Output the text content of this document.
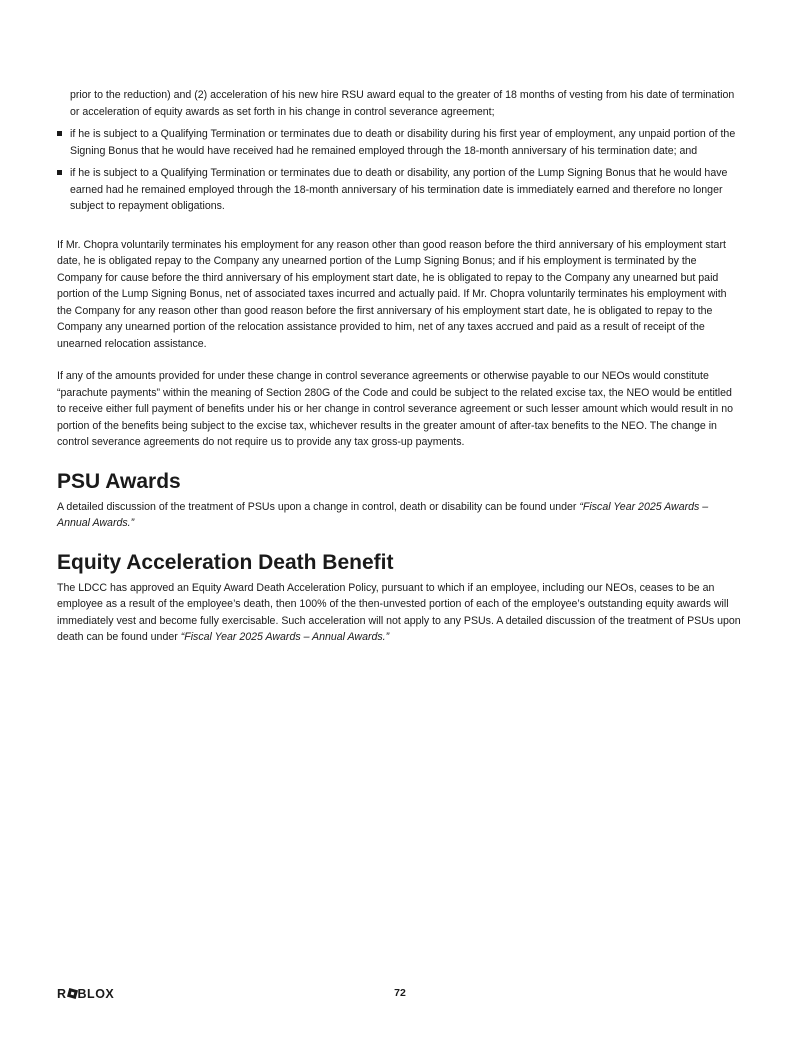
prior to the reduction) and (2) acceleration of his new hire RSU award equal to the greater of 18 months of vesting from his date of termination or acceleration of equity awards as set forth in his change in control severance agreement;

if he is subject to a Qualifying Termination or terminates due to death or disability during his first year of employment, any unpaid portion of the Signing Bonus that he would have received had he remained employed through the 18-month anniversary of his termination date; and
if he is subject to a Qualifying Termination or terminates due to death or disability, any portion of the Lump Signing Bonus that he would have earned had he remained employed through the 18-month anniversary of his termination date is immediately earned and therefore no longer subject to repayment obligations.

If Mr. Chopra voluntarily terminates his employment for any reason other than good reason before the third anniversary of his employment start date, he is obligated repay to the Company any unearned portion of the Lump Signing Bonus; and if his employment is terminated by the Company for cause before the third anniversary of his employment start date, he is obligated to repay to the Company any unearned but paid portion of the Lump Signing Bonus, net of associated taxes incurred and actually paid. If Mr. Chopra voluntarily terminates his employment with the Company for any reason other than good reason before the first anniversary of his employment start date, he is obligated to repay to the Company any unearned portion of the relocation assistance provided to him, net of any taxes accrued and paid as a result of receipt of the unearned relocation assistance.

If any of the amounts provided for under these change in control severance agreements or otherwise payable to our NEOs would constitute “parachute payments” within the meaning of Section 280G of the Code and could be subject to the related excise tax, the NEO would be entitled to receive either full payment of benefits under his or her change in control severance agreement or such lesser amount which would result in no portion of the benefits being subject to the excise tax, whichever results in the greater amount of after-tax benefits to the NEO. The change in control severance agreements do not require us to provide any tax gross-up payments.

PSU Awards

A detailed discussion of the treatment of PSUs upon a change in control, death or disability can be found under “Fiscal Year 2025 Awards – Annual Awards.”

Equity Acceleration Death Benefit

The LDCC has approved an Equity Award Death Acceleration Policy, pursuant to which if an employee, including our NEOs, ceases to be an employee as a result of the employee’s death, then 100% of the then-unvested portion of each of the employee’s outstanding equity awards will immediately vest and become fully exercisable. Such acceleration will not apply to any PSUs. A detailed discussion of the treatment of PSUs upon death can be found under “Fiscal Year 2025 Awards – Annual Awards.”

R BLOX	72
